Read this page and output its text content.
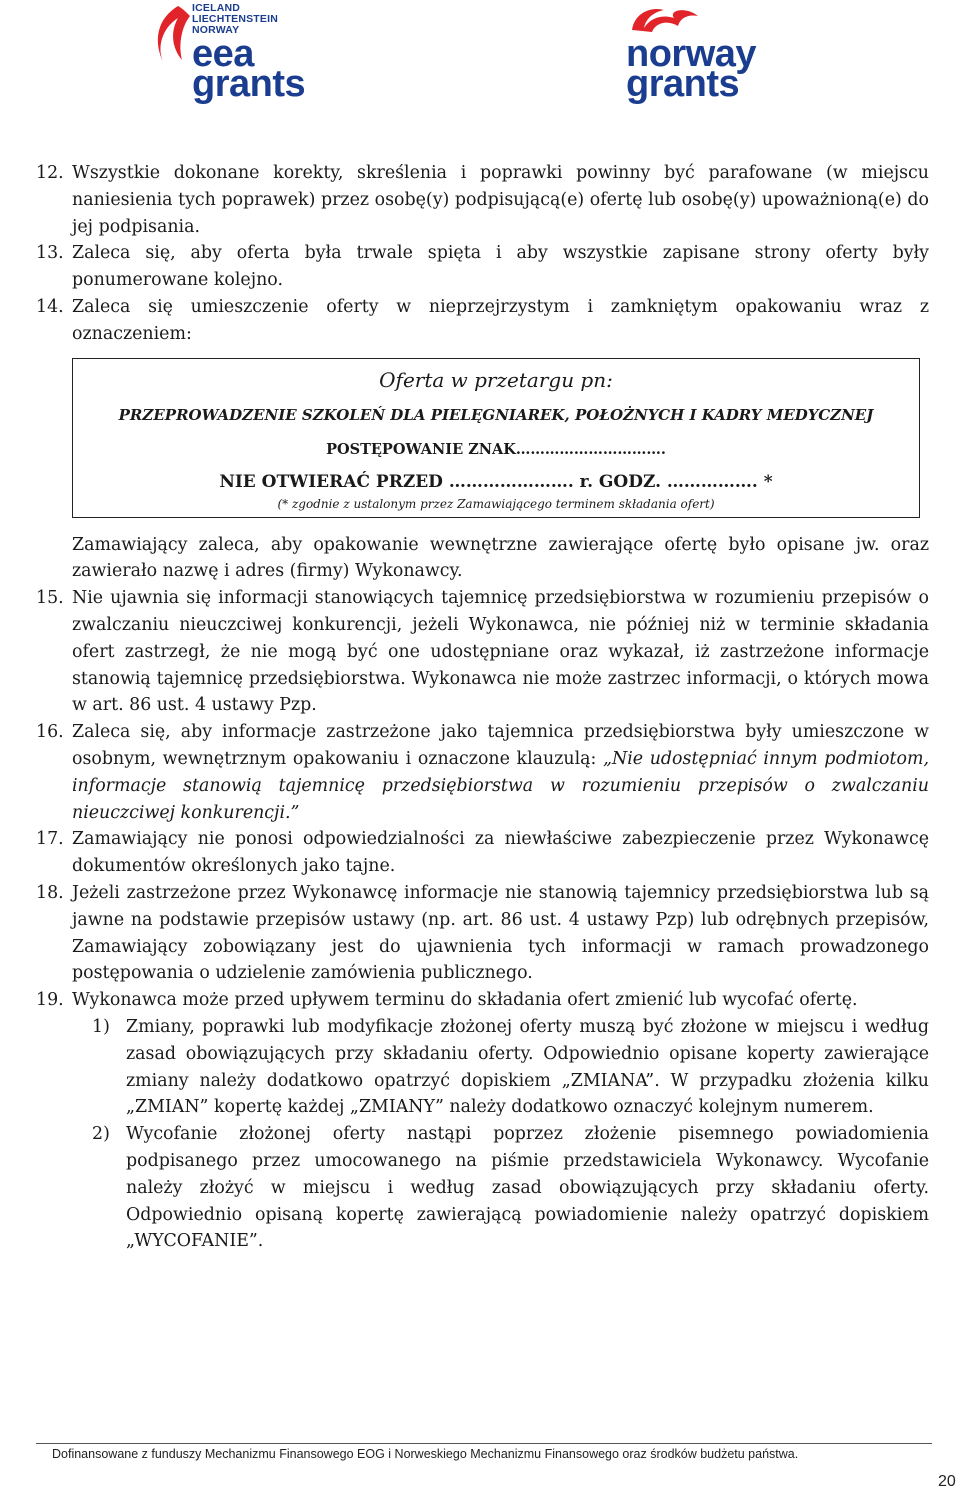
ICELAND
LIECHTENSTEIN
NORWAY
eea
grants
norway
grants
12. Wszystkie dokonane korekty, skreślenia i poprawki powinny być parafowane (w miejscu naniesienia tych poprawek) przez osobę(y) podpisującą(e) ofertę lub osobę(y) upoważnioną(e) do jej podpisania.
13. Zaleca się, aby oferta była trwale spięta i aby wszystkie zapisane strony oferty były ponumerowane kolejno.
14. Zaleca się umieszczenie oferty w nieprzejrzystym i zamkniętym opakowaniu wraz z oznaczeniem:
Oferta w przetargu pn:
PRZEPROWADZENIE SZKOLEŃ DLA PIELĘGNIAREK, POŁOŻNYCH I KADRY MEDYCZNEJ
POSTĘPOWANIE ZNAK………………………….
NIE OTWIERAĆ PRZED …………………. r. GODZ. ……………. *
(* zgodnie z ustalonym przez Zamawiającego terminem składania ofert)
Zamawiający zaleca, aby opakowanie wewnętrzne zawierające ofertę było opisane jw. oraz zawierało nazwę i adres (firmy) Wykonawcy.
15. Nie ujawnia się informacji stanowiących tajemnicę przedsiębiorstwa w rozumieniu przepisów o zwalczaniu nieuczciwej konkurencji, jeżeli Wykonawca, nie później niż w terminie składania ofert zastrzegł, że nie mogą być one udostępniane oraz wykazał, iż zastrzeżone informacje stanowią tajemnicę przedsiębiorstwa. Wykonawca nie może zastrzec informacji, o których mowa w art. 86 ust. 4 ustawy Pzp.
16. Zaleca się, aby informacje zastrzeżone jako tajemnica przedsiębiorstwa były umieszczone w osobnym, wewnętrznym opakowaniu i oznaczone klauzulą: „Nie udostępniać innym podmiotom, informacje stanowią tajemnicę przedsiębiorstwa w rozumieniu przepisów o zwalczaniu nieuczciwej konkurencji.”
17. Zamawiający nie ponosi odpowiedzialności za niewłaściwe zabezpieczenie przez Wykonawcę dokumentów określonych jako tajne.
18. Jeżeli zastrzeżone przez Wykonawcę informacje nie stanowią tajemnicy przedsiębiorstwa lub są jawne na podstawie przepisów ustawy (np. art. 86 ust. 4 ustawy Pzp) lub odrębnych przepisów, Zamawiający zobowiązany jest do ujawnienia tych informacji w ramach prowadzonego postępowania o udzielenie zamówienia publicznego.
19. Wykonawca może przed upływem terminu do składania ofert zmienić lub wycofać ofertę.
1) Zmiany, poprawki lub modyfikacje złożonej oferty muszą być złożone w miejscu i według zasad obowiązujących przy składaniu oferty. Odpowiednio opisane koperty zawierające zmiany należy dodatkowo opatrzyć dopiskiem „ZMIANA”. W przypadku złożenia kilku „ZMIAN” kopertę każdej „ZMIANY” należy dodatkowo oznaczyć kolejnym numerem.
2) Wycofanie złożonej oferty nastąpi poprzez złożenie pisemnego powiadomienia podpisanego przez umocowanego na piśmie przedstawiciela Wykonawcy. Wycofanie należy złożyć w miejscu i według zasad obowiązujących przy składaniu oferty. Odpowiednio opisaną kopertę zawierającą powiadomienie należy opatrzyć dopiskiem „WYCOFANIE”.
Dofinansowane z funduszy Mechanizmu Finansowego EOG i Norweskiego Mechanizmu Finansowego oraz środków budżetu państwa.
20
